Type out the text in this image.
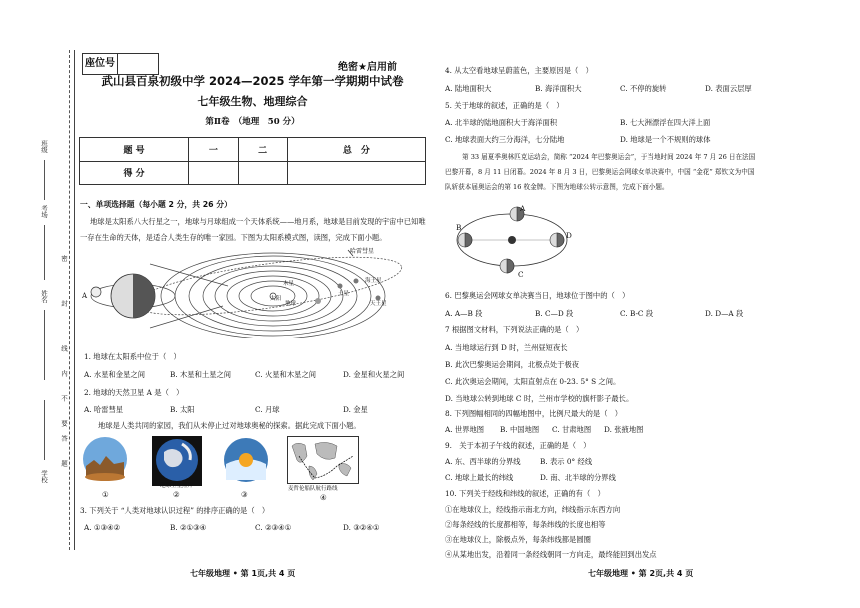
班级
姓名
考场
学校
密
封
线
内
不
要
答
题
座位号	绝密★启用前
武山县百泉初级中学 2024—2025 学年第一学期期中试卷
七年级生物、地理综合
第Ⅱ卷　（地理　50 分）
题 号	一	二	总　分
得 分			
一、单项选择题（每小题 2 分，共 26 分）
地球是太阳系八大行星之一，地球与月球组成一个天体系统——地月系，地球是目前发现的宇宙中已知唯
一存在生命的天体，是适合人类生存的唯一家园。下图为太阳系模式图，读图，完成下面小题。
哈雷彗星
A
木星
地球
太阳
土星
海王星
天王星
1. 地球在太阳系中位于（　）
A. 水星和金星之间	B. 木星和土星之间	C. 火星和木星之间	D. 金星和火星之间
2. 地球的天然卫星 A 是（　）
A. 哈雷彗星	B. 太阳	C. 月球	D. 金星
地球是人类共同的家园，我们从未停止过对地球奥秘的探索。据此完成下面小题。
地球卫星照片	麦哲伦船队航行路线
①	②	③	④
3. 下列关于 “人类对地球认识过程” 的排序正确的是（　）
A. ①③④②	B. ②①③④	C. ②③④①	D. ③②④①
4. 从太空看地球呈蔚蓝色，主要原因是（　）
A. 陆地面积大	B. 海洋面积大	C. 不停的旋转	D. 表面云层厚
5. 关于地球的叙述，正确的是（　）
A. 北半球的陆地面积大于海洋面积	B. 七大洲漂浮在四大洋上面
C. 地球表面大约三分海洋，七分陆地	D. 地球是一个不规则的球体
第 33 届夏季奥林匹克运动会，简称 “2024 年巴黎奥运会”，于当地时间 2024 年 7 月 26 日在法国
巴黎开幕，8 月 11 日闭幕。2024 年 8 月 3 日，巴黎奥运会网球女单决赛中，中国 “金花” 郑钦文为中国
队斩获本届奥运会的第 16 枚金牌。下图为地球公转示意图，完成下面小题。
A
B
C
D
6. 巴黎奥运会网球女单决赛当日，地球位于图中的（　）
A. A—B 段	B. C—D 段	C. B-C 段	D. D—A 段
7 根据图文材料，下列说法正确的是（　）
A. 当地球运行到 D 时，兰州昼短夜长
B. 此次巴黎奥运会期间，北极点处于极夜
C. 此次奥运会期间，太阳直射点在 0-23. 5° S 之间。
D. 当地球公转到地球 C 时，兰州市学校的旗杆影子最长。
8. 下列图幅相同的四幅地图中，比例尺最大的是（　）
A. 世界地图 B. 中国地图 C. 甘肃地图 D. 张掖地图
9.　关于本初子午线的叙述，正确的是（　）
A. 东、西半球的分界线	B. 表示 0° 经线
C. 地球上最长的纬线	D. 南、北半球的分界线
10. 下列关于经线和纬线的叙述，正确的有（　）
①在地球仪上，经线指示南北方向，纬线指示东西方向
②每条经线的长度都相等，每条纬线的长度也相等
③在地球仪上，除极点外，每条纬线都是圆圈
④从某地出发，沿着同一条经线朝同一方向走，最终能回到出发点
七年级地理 • 第 1页,共 4 页	七年级地理 • 第 2页,共 4 页
